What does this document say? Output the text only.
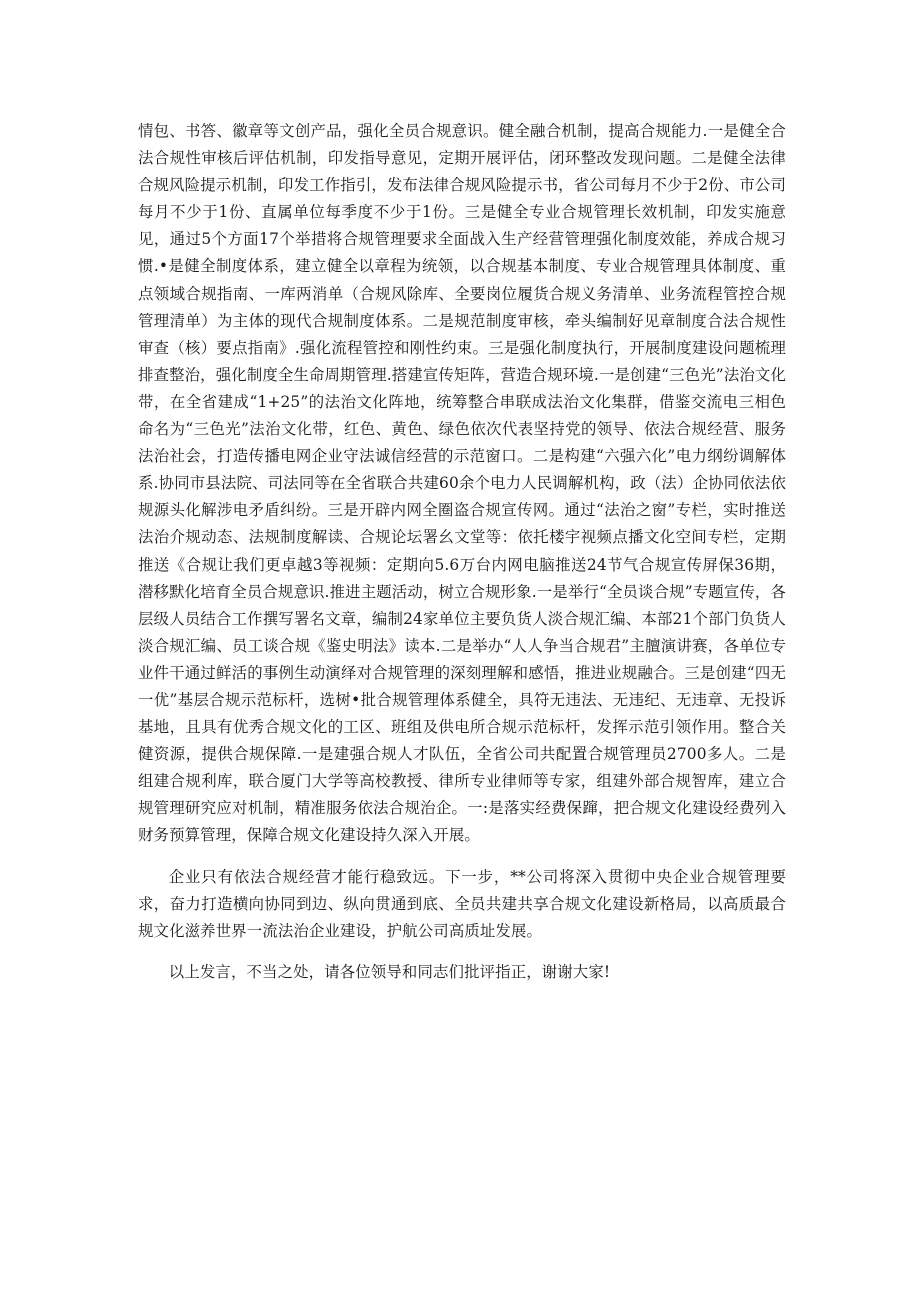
情包、书答、徽章等文创产品，强化全员合规意识。健全融合机制，提高合规能力.一是健全合法合规性审核后评估机制，印发指导意见，定期开展评估，闭环整改发现问题。二是健全法律合规风险提示机制，印发工作指引，发布法律合规风险提示书，省公司每月不少于2份、市公司每月不少于1份、直属单位每季度不少于1份。三是健全专业合规管理长效机制，印发实施意见，通过5个方面17个举措将合规管理要求全面战入生产经营管理强化制度效能，养成合规习惯.•是健全制度体系，建立健全以章程为统领，以合规基本制度、专业合规管理具体制度、重点领域合规指南、一库两消单（合规风除库、全要岗位履货合规义务清单、业务流程管控合规管理清单）为主体的现代合规制度体系。二是规范制度审核，牵头编制好见章制度合法合规性审查（核）要点指南》.强化流程管控和刚性约束。三是强化制度执行，开展制度建设问题梳理排查整治，强化制度全生命周期管理.搭建宣传矩阵，营造合规环境.一是创建“三色光”法治文化带，在全省建成“1+25”的法治文化阵地，统筹整合串联成法治文化集群，借鉴交流电三相色命名为“三色光”法治文化带，红色、黄色、绿色依次代表坚持党的领导、依法合规经营、服务法治社会，打造传播电网企业守法诚信经营的示范窗口。二是构建“六强六化”电力纲纷调解体系.协同市县法院、司法同等在全省联合共建60余个电力人民调解机构，政（法）企协同依法依规源头化解涉电矛盾纠纷。三是开辟内网全圈盗合规宣传网。通过“法治之窗”专栏，实时推送法治介规动态、法规制度解读、合规论坛署幺文堂等：依托楼宇视频点播文化空间专栏，定期推送《合规让我们更卓越3等视频：定期向5.6万台内网电脑推送24节气合规宣传屏保36期，潜移默化培育全员合规意识.推进主题活动，树立合规形象.一是举行“全员谈合规”专题宣传，各层级人员结合工作撰写署名文章，编制24家单位主要负货人淡合规汇编、本部21个部门负货人淡合规汇编、员工谈合规《鉴史明法》读本.二是举办“人人争当合规君”主膻演讲赛，各单位专业件干通过鲜活的事例生动演绎对合规管理的深刻理解和感悟，推进业规融合。三是创建“四无一优”基层合规示范标杆，选树•批合规管理体系健全，具符无违法、无违纪、无违章、无投诉基地，且具有优秀合规文化的工区、班组及供电所合规示范标杆，发挥示范引领作用。整合关健资源，提供合规保障.一是建强合规人才队伍，全省公司共配置合规管理员2700多人。二是组建合规利库，联合厦门大学等高校教授、律所专业律师等专家，组建外部合规智库，建立合规管理研究应对机制，精准服务依法合规治企。一:是落实经费保蹿，把合规文化建设经费列入财务预算管理，保障合规文化建设持久深入开展。

企业只有依法合规经营才能行稳致远。下一步，**公司将深入贯彻中央企业合规管理要求，奋力打造横向协同到边、纵向贯通到底、全员共建共享合规文化建设新格局，以高质最合规文化滋养世界一流法治企业建设，护航公司高质址发展。

以上发言，不当之处，请各位领导和同志们批评指正，谢谢大家!
